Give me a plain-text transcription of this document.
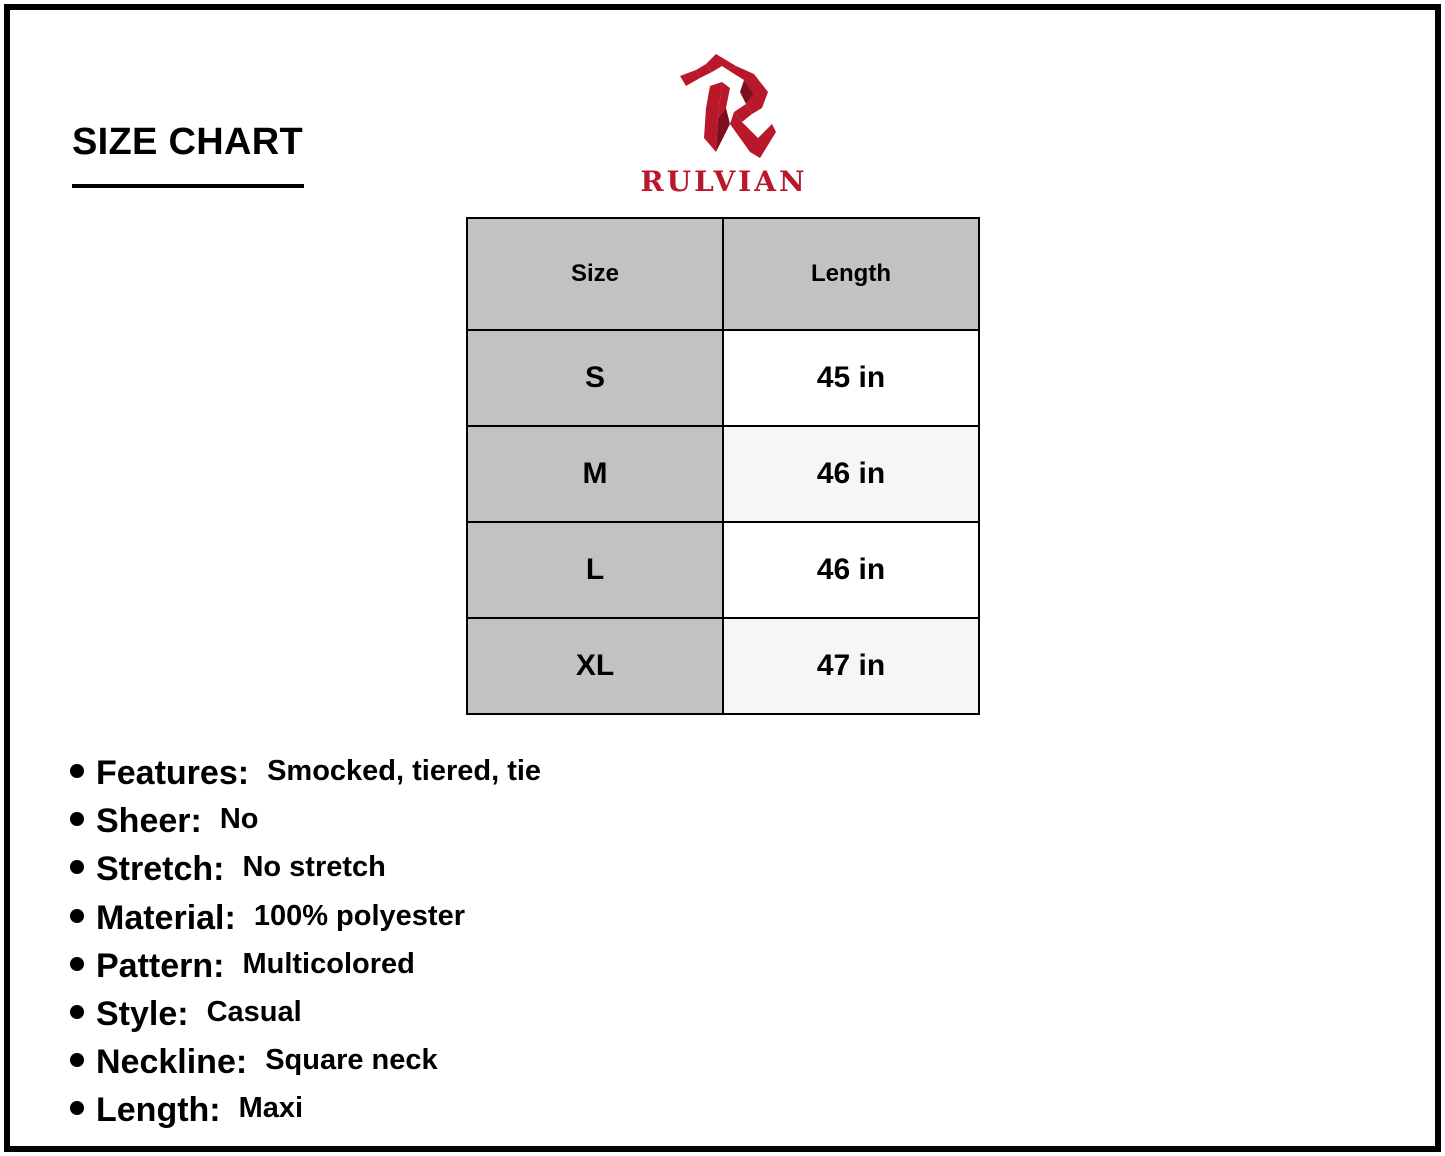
SIZE CHART
RULVIAN
Size	Length
S	45 in
M	46 in
L	46 in
XL	47 in
Features: Smocked, tiered, tie
Sheer: No
Stretch: No stretch
Material: 100% polyester
Pattern: Multicolored
Style: Casual
Neckline: Square neck
Length: Maxi
